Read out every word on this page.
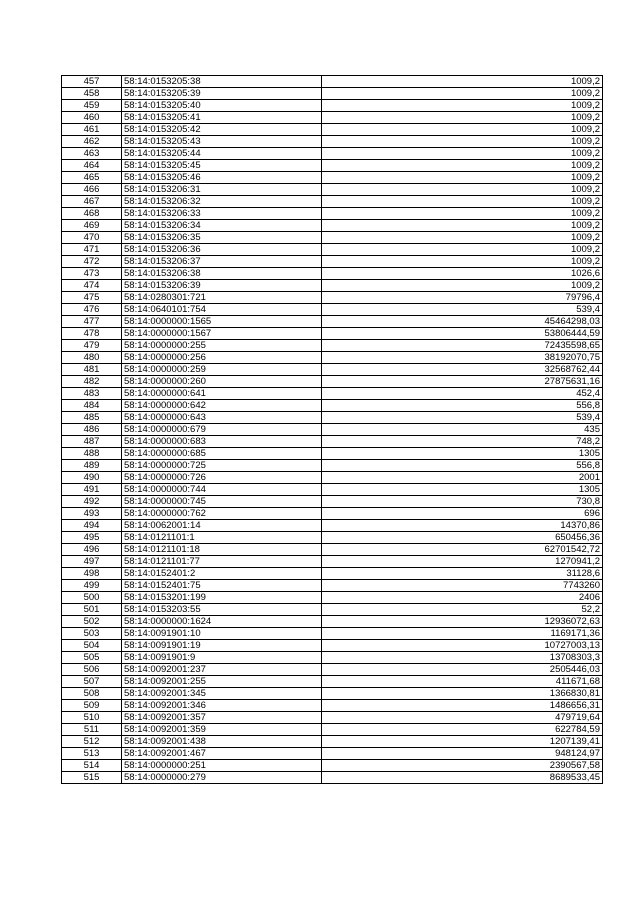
457	58:14:0153205:38	1009,2
458	58:14:0153205:39	1009,2
459	58:14:0153205:40	1009,2
460	58:14:0153205:41	1009,2
461	58:14:0153205:42	1009,2
462	58:14:0153205:43	1009,2
463	58:14:0153205:44	1009,2
464	58:14:0153205:45	1009,2
465	58:14:0153205:46	1009,2
466	58:14:0153206:31	1009,2
467	58:14:0153206:32	1009,2
468	58:14:0153206:33	1009,2
469	58:14:0153206:34	1009,2
470	58:14:0153206:35	1009,2
471	58:14:0153206:36	1009,2
472	58:14:0153206:37	1009,2
473	58:14:0153206:38	1026,6
474	58:14:0153206:39	1009,2
475	58:14:0280301:721	79796,4
476	58:14:0640101:754	539,4
477	58:14:0000000:1565	45464298,03
478	58:14:0000000:1567	53806444,59
479	58:14:0000000:255	72435598,65
480	58:14:0000000:256	38192070,75
481	58:14:0000000:259	32568762,44
482	58:14:0000000:260	27875631,16
483	58:14:0000000:641	452,4
484	58:14:0000000:642	556,8
485	58:14:0000000:643	539,4
486	58:14:0000000:679	435
487	58:14:0000000:683	748,2
488	58:14:0000000:685	1305
489	58:14:0000000:725	556,8
490	58:14:0000000:726	2001
491	58:14:0000000:744	1305
492	58:14:0000000:745	730,8
493	58:14:0000000:762	696
494	58:14:0062001:14	14370,86
495	58:14:0121101:1	650456,36
496	58:14:0121101:18	62701542,72
497	58:14:0121101:77	1270941,2
498	58:14:0152401:2	31128,6
499	58:14:0152401:75	7743260
500	58:14:0153201:199	2406
501	58:14:0153203:55	52,2
502	58:14:0000000:1624	12936072,63
503	58:14:0091901:10	1169171,36
504	58:14:0091901:19	10727003,13
505	58:14:0091901:9	13708303,3
506	58:14:0092001:237	2505446,03
507	58:14:0092001:255	411671,68
508	58:14:0092001:345	1366830,81
509	58:14:0092001:346	1486656,31
510	58:14:0092001:357	479719,64
511	58:14:0092001:359	622784,59
512	58:14:0092001:438	1207139,41
513	58:14:0092001:467	948124,97
514	58:14:0000000:251	2390567,58
515	58:14:0000000:279	8689533,45
